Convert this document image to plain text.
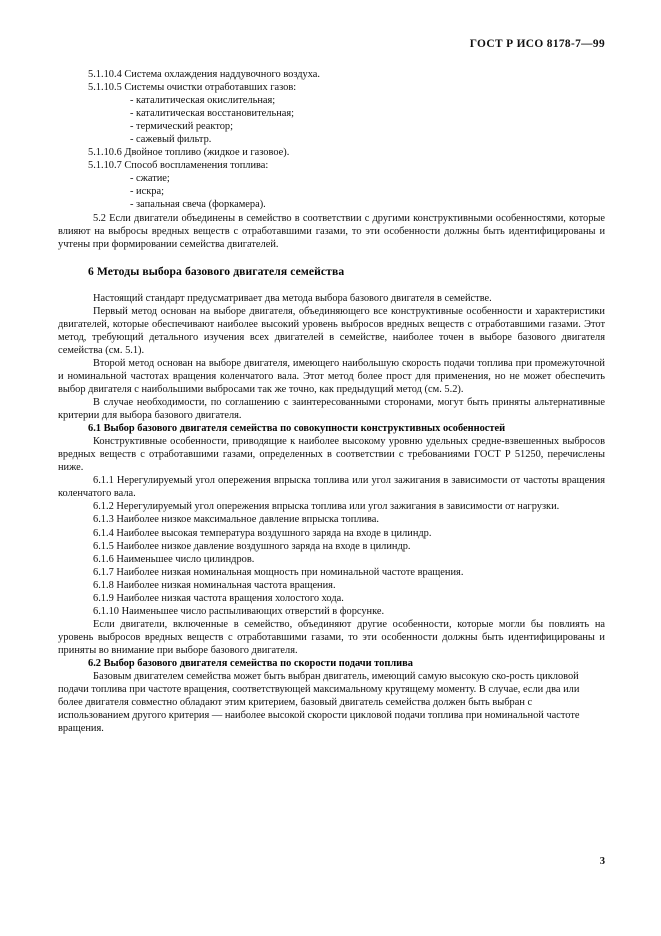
ГОСТ Р ИСО 8178-7—99
5.1.10.4 Система охлаждения наддувочного воздуха.
5.1.10.5 Системы очистки отработавших газов:
- каталитическая окислительная;
- каталитическая восстановительная;
- термический реактор;
- сажевый фильтр.
5.1.10.6 Двойное топливо (жидкое и газовое).
5.1.10.7 Способ воспламенения топлива:
- сжатие;
- искра;
- запальная свеча (форкамера).

5.2 Если двигатели объединены в семейство в соответствии с другими конструктивными особенностями, которые влияют на выбросы вредных веществ с отработавшими газами, то эти особенности должны быть идентифицированы и учтены при формировании семейства двигателей.

6 Методы выбора базового двигателя семейства

Настоящий стандарт предусматривает два метода выбора базового двигателя в семействе.

Первый метод основан на выборе двигателя, объединяющего все конструктивные особенности и характеристики двигателей, которые обеспечивают наиболее высокий уровень выбросов вредных веществ с отработавшими газами. Этот метод, требующий детального изучения всех двигателей в семействе, наиболее точен в выборе базового двигателя семейства (см. 5.1).

Второй метод основан на выборе двигателя, имеющего наибольшую скорость подачи топлива при промежуточной и номинальной частотах вращения коленчатого вала. Этот метод более прост для применения, но не может обеспечить выбор двигателя с наибольшими выбросами так же точно, как предыдущий метод (см. 5.2).

В случае необходимости, по соглашению с заинтересованными сторонами, могут быть приняты альтернативные критерии для выбора базового двигателя.

6.1 Выбор базового двигателя семейства по совокупности конструктивных особенностей

Конструктивные особенности, приводящие к наиболее высокому уровню удельных средне-взвешенных выбросов вредных веществ с отработавшими газами, определенных в соответствии с требованиями ГОСТ Р 51250, перечислены ниже.

6.1.1 Нерегулируемый угол опережения впрыска топлива или угол зажигания в зависимости от частоты вращения коленчатого вала.

6.1.2 Нерегулируемый угол опережения впрыска топлива или угол зажигания в зависимости от нагрузки.

6.1.3 Наиболее низкое максимальное давление впрыска топлива.

6.1.4 Наиболее высокая температура воздушного заряда на входе в цилиндр.

6.1.5 Наиболее низкое давление воздушного заряда на входе в цилиндр.

6.1.6 Наименьшее число цилиндров.

6.1.7 Наиболее низкая номинальная мощность при номинальной частоте вращения.

6.1.8 Наиболее низкая номинальная частота вращения.

6.1.9 Наиболее низкая частота вращения холостого хода.

6.1.10 Наименьшее число распыливающих отверстий в форсунке.

Если двигатели, включенные в семейство, объединяют другие особенности, которые могли бы повлиять на уровень выбросов вредных веществ с отработавшими газами, то эти особенности должны быть идентифицированы и приняты во внимание при выборе базового двигателя.

6.2 Выбор базового двигателя семейства по скорости подачи топлива

Базовым двигателем семейства может быть выбран двигатель, имеющий самую высокую ско-рость цикловой подачи топлива при частоте вращения, соответствующей максимальному крутящему моменту. В случае, если два или более двигателя совместно обладают этим критерием, базовый двигатель семейства должен быть выбран с использованием другого критерия — наиболее высокой скорости цикловой подачи топлива при номинальной частоте вращения.

3
